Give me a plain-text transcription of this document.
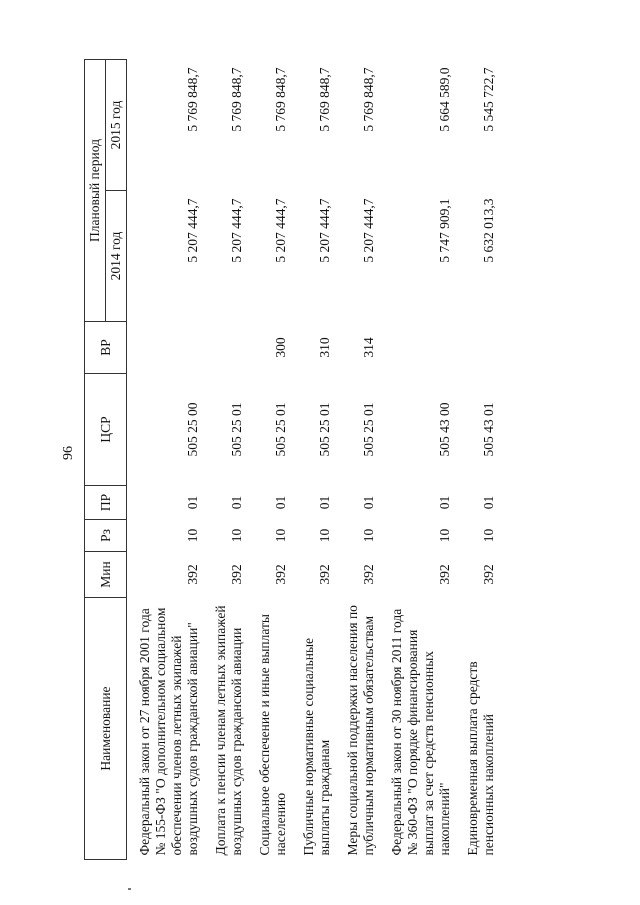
96
Наименование	Мин	Рз	ПР	ЦСР	ВР	Плановый период	
						2014 год	2015 год
Федеральный закон от 27 ноября 2001 года № 155-ФЗ "О дополнительном социальном обеспечении членов летных экипажей воздушных судов гражданской авиации"	392	10	01	505 25 00		5 207 444,7	5 769 848,7
Доплата к пенсии членам летных экипажей воздушных судов гражданской авиации	392	10	01	505 25 01		5 207 444,7	5 769 848,7
Социальное обеспечение и иные выплаты населению	392	10	01	505 25 01	300	5 207 444,7	5 769 848,7
Публичные нормативные социальные выплаты гражданам	392	10	01	505 25 01	310	5 207 444,7	5 769 848,7
Меры социальной поддержки населения по публичным нормативным обязательствам	392	10	01	505 25 01	314	5 207 444,7	5 769 848,7
Федеральный закон от 30 ноября 2011 года № 360-ФЗ "О порядке финансирования выплат за счет средств пенсионных накоплений"	392	10	01	505 43 00		5 747 909,1	5 664 589,0
Единовременная выплата средств пенсионных накоплений	392	10	01	505 43 01		5 632 013,3	5 545 722,7
